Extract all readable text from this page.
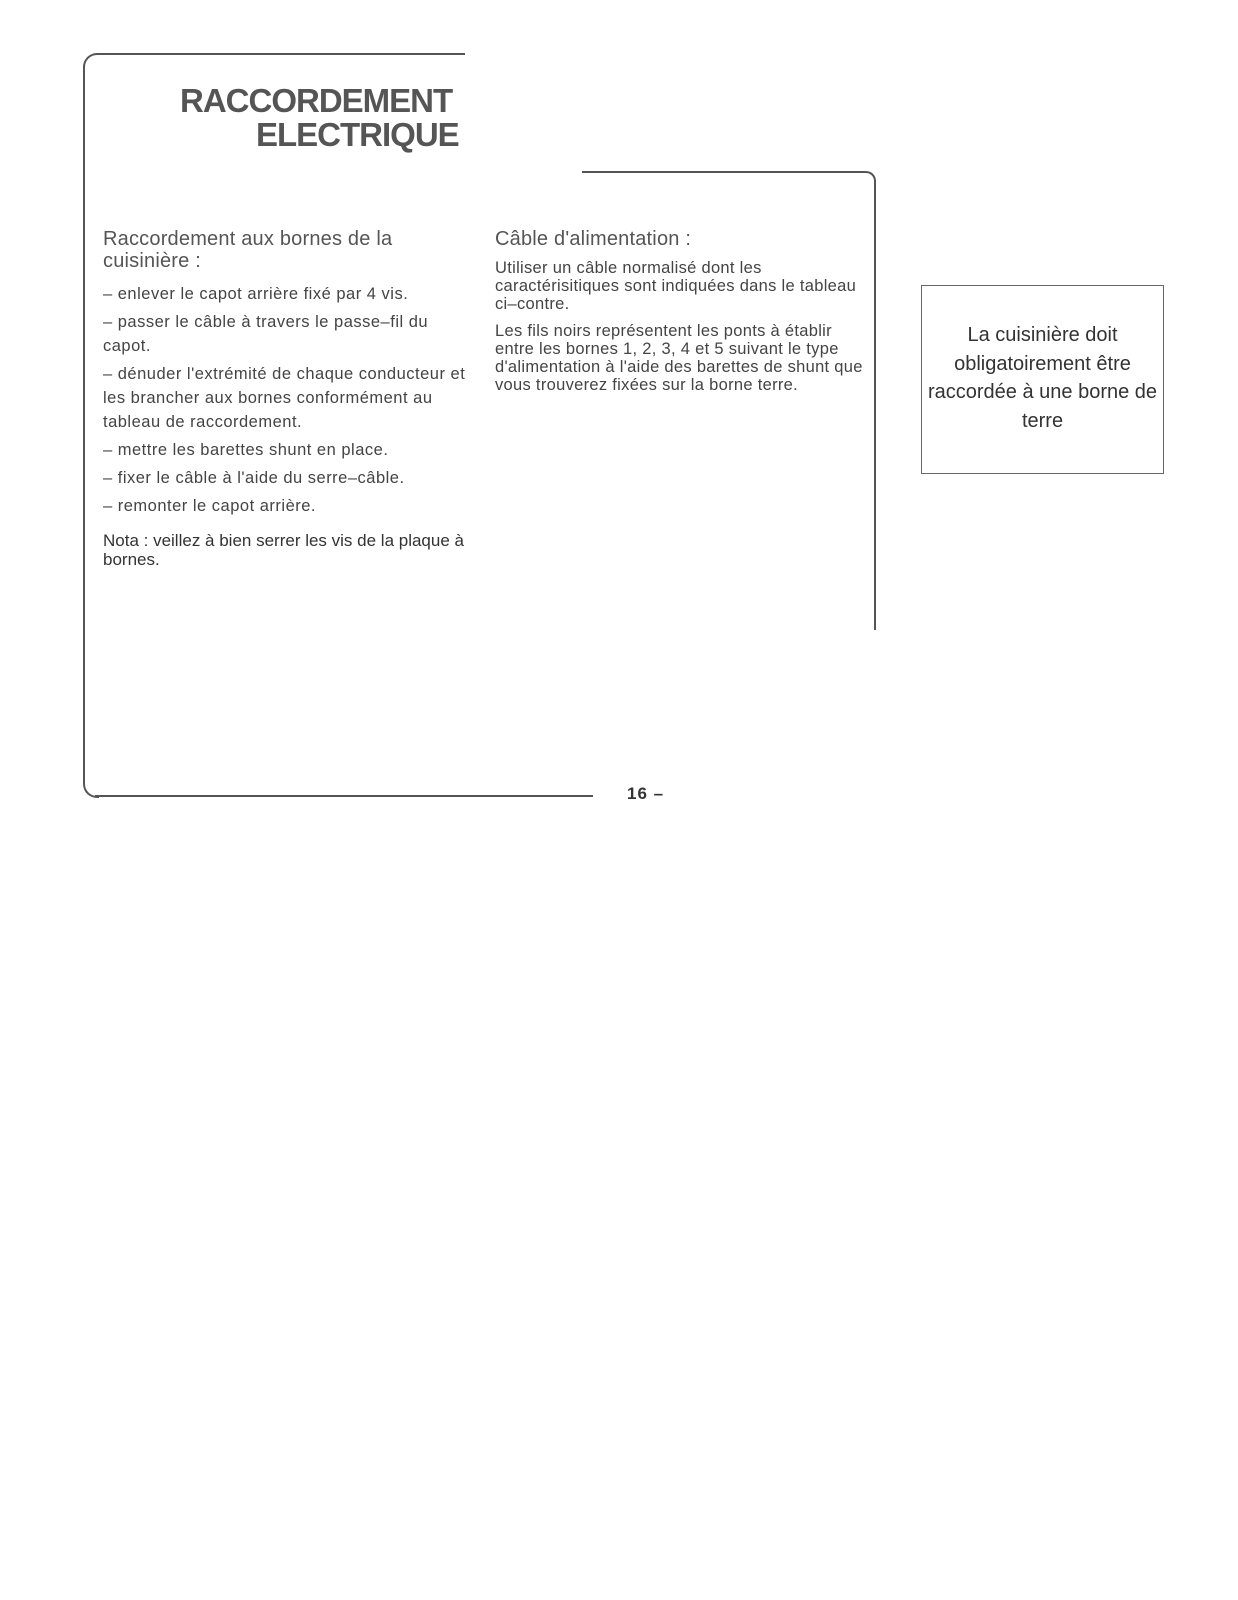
RACCORDEMENT
ELECTRIQUE
Raccordement aux bornes de la cuisinière :

– enlever le capot arrière fixé par 4 vis.

– passer le câble à travers le passe–fil du capot.

– dénuder l'extrémité de chaque conducteur et les brancher aux bornes conformément au tableau de raccordement.

– mettre les barettes shunt en place.

– fixer le câble à l'aide du serre–câble.

– remonter le capot arrière.

Nota : veillez à bien serrer les vis de la plaque à bornes.

Câble d'alimentation :

Utiliser un câble normalisé dont les caractérisitiques sont indiquées dans le tableau ci–contre.

Les fils noirs représentent les ponts à établir entre les bornes 1, 2, 3, 4 et 5 suivant le type d'alimentation à l'aide des barettes de shunt que vous trouverez fixées sur la borne terre.

La cuisinière doit obligatoirement être raccordée à une borne de terre
16 –
